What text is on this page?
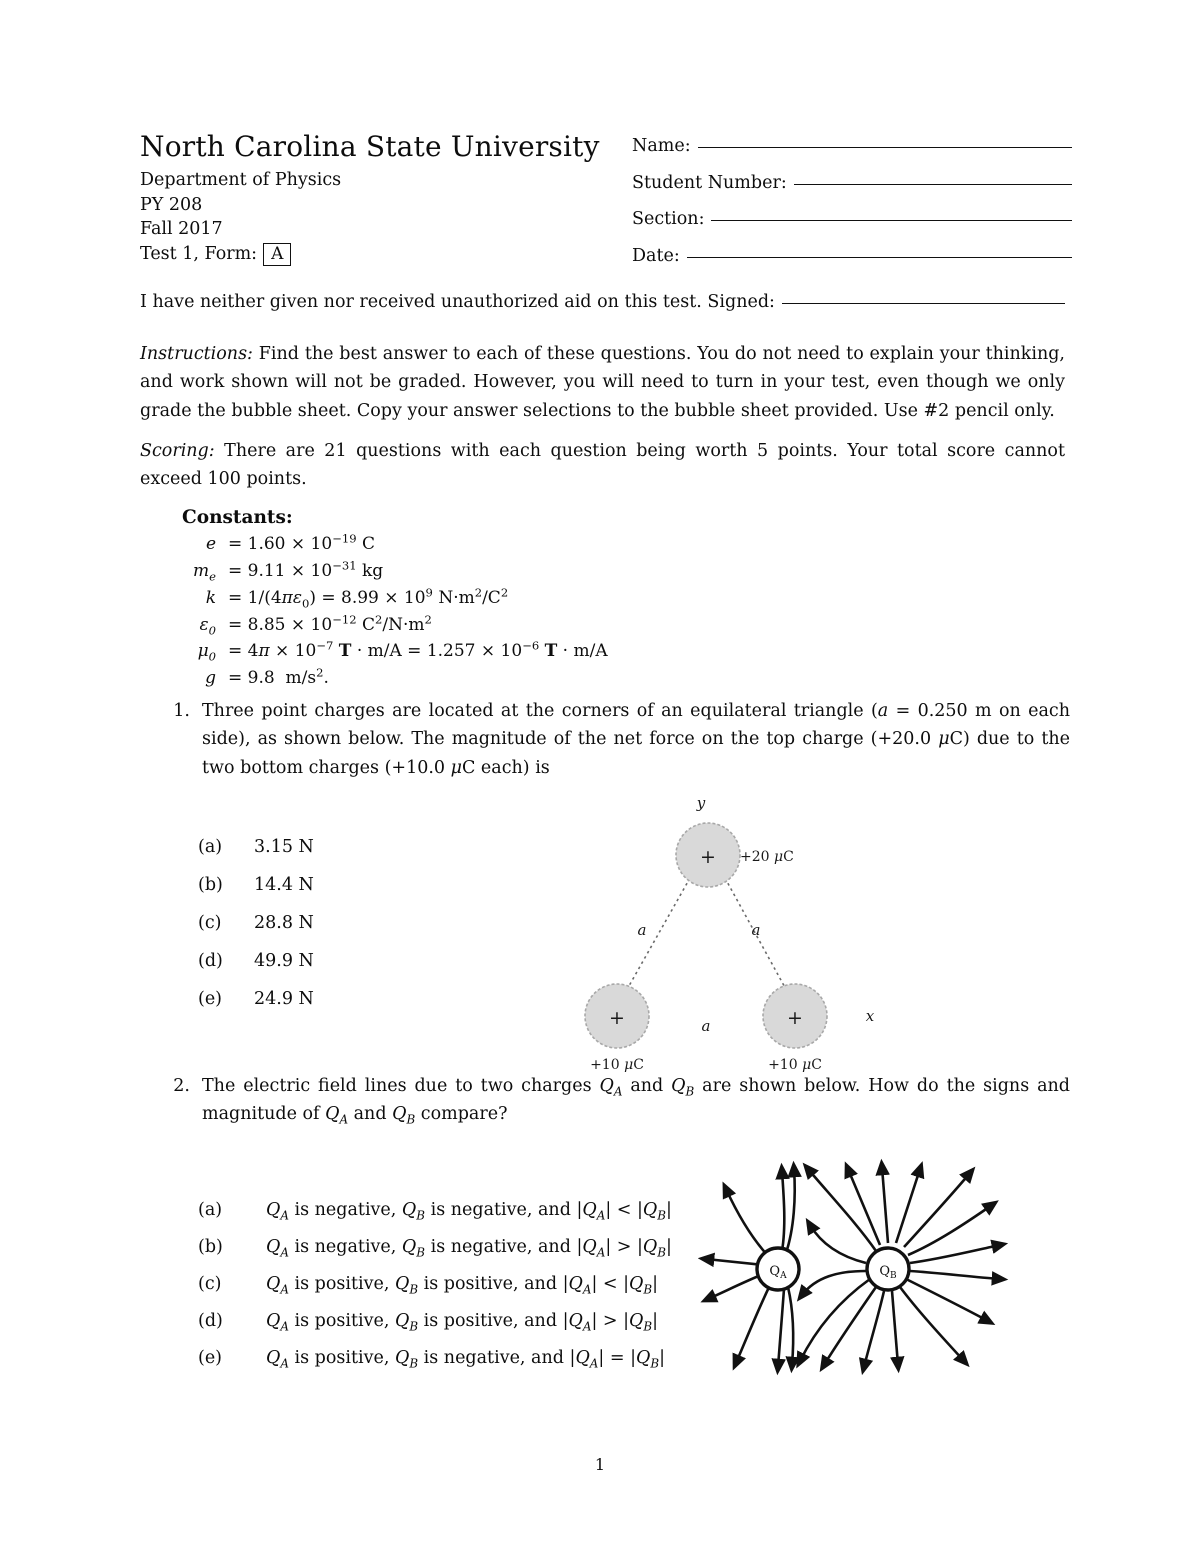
North Carolina State University
Department of Physics
PY 208
Fall 2017
Test 1, Form: A
Name:
Student Number:
Section:
Date:
I have neither given nor received unauthorized aid on this test. Signed:
Instructions: Find the best answer to each of these questions. You do not need to explain your thinking, and work shown will not be graded. However, you will need to turn in your test, even though we only grade the bubble sheet. Copy your answer selections to the bubble sheet provided. Use #2 pencil only.
Scoring: There are 21 questions with each question being worth 5 points. Your total score cannot exceed 100 points.
Constants:
$e = 1.60 \times 10^{-19}$ C
$m_e = 9.11 \times 10^{-31}$ kg
$k = 1/(4\pi\varepsilon_0) = 8.99 \times 10^9$ $N\cdot m^2/C^2$
$\varepsilon_0 = 8.85 \times 10^{-12}$ $C^2/N\cdot m^2$
$\mu_0 = 4\pi \times 10^{-7}$ $T \cdot m/A = 1.257 \times 10^{-6}$ T · m/A
g = 9.8  $m/s^2$.
1. Three point charges are located at the corners of an equilateral triangle (a = 0.250 m on each side), as shown below. The magnitude of the net force on the top charge (+20.0 μC) due to the two bottom charges (+10.0 μC each) is
(a)	3.15 N
(b)	14.4 N
(c)	28.8 N
(d)	49.9 N
(e)	24.9 N
+
+	+
y
x
a	a
a
+20 μC
+10 μC	+10 μC
2. The electric field lines due to two charges $Q_A$ and $Q_B$ are shown below. How do the signs and magnitude of $Q_A$ and $Q_B$ compare?
(a)	$Q_A$ is negative, $Q_B$ is negative, and $|Q_A| < |Q_B|$
(b)	$Q_A$ is negative, $Q_B$ is negative, and $|Q_A| > |Q_B|$
(c)	$Q_A$ is positive, $Q_B$ is positive, and $|Q_A| < |Q_B|$
(d)	$Q_A$ is positive, $Q_B$ is positive, and $|Q_A| > |Q_B|$
(e)	$Q_A$ is positive, $Q_B$ is negative, and $|Q_A| = |Q_B|$
$Q_A$	$Q_B$
1
